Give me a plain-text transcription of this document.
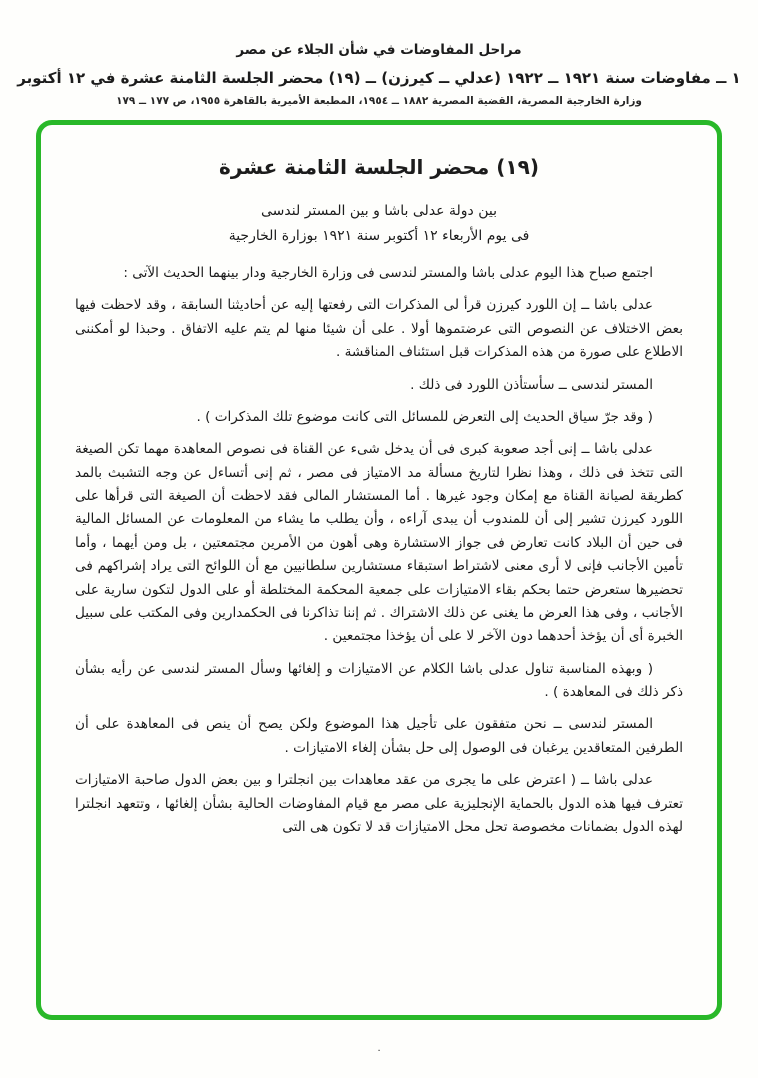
مراحل المفاوضات في شأن الجلاء عن مصر
١ ــ مفاوضات سنة ١٩٢١ ــ ١٩٢٢ (عدلي ــ كيرزن) ــ (١٩) محضر الجلسة الثامنة عشرة في ١٢ أكتوبر
وزارة الخارجية المصرية، القضية المصرية ١٨٨٢ ــ ١٩٥٤، المطبعة الأميرية بالقاهرة ١٩٥٥، ص ١٧٧ ــ ١٧٩
(١٩) محضر الجلسة الثامنة عشرة
بين دولة عدلى باشا و بين المستر لندسى
فى يوم الأربعاء ١٢ أكتوبر سنة ١٩٢١ بوزارة الخارجية

اجتمع صباح هذا اليوم عدلى باشا والمستر لندسى فى وزارة الخارجية ودار بينهما الحديث الآتى :

عدلى باشا ــ إن اللورد كيرزن قرأ لى المذكرات التى رفعتها إليه عن أحاديثنا السابقة ، وقد لاحظت فيها بعض الاختلاف عن النصوص التى عرضتموها أولا . على أن شيئا منها لم يتم عليه الاتفاق . وحبذا لو أمكننى الاطلاع على صورة من هذه المذكرات قبل استئناف المناقشة .

المستر لندسى ــ سأستأذن اللورد فى ذلك .

( وقد جرّ سياق الحديث إلى التعرض للمسائل التى كانت موضوع تلك المذكرات ) .

عدلى باشا ــ إنى أجد صعوبة كبرى فى أن يدخل شىء عن القناة فى نصوص المعاهدة مهما تكن الصيغة التى تتخذ فى ذلك ، وهذا نظرا لتاريخ مسألة مد الامتياز فى مصر ، ثم إنى أتساءل عن وجه التشبث بالمد كطريقة لصيانة القناة مع إمكان وجود غيرها . أما المستشار المالى فقد لاحظت أن الصيغة التى قرأها على اللورد كيرزن تشير إلى أن للمندوب أن يبدى آراءه ، وأن يطلب ما يشاء من المعلومات عن المسائل المالية فى حين أن البلاد كانت تعارض فى جواز الاستشارة وهى أهون من الأمرين مجتمعتين ، بل ومن أيهما ، وأما تأمين الأجانب فإنى لا أرى معنى لاشتراط استبقاء مستشارين سلطانيين مع أن اللوائح التى يراد إشراكهم فى تحضيرها ستعرض حتما بحكم بقاء الامتيازات على جمعية المحكمة المختلطة أو على الدول لتكون سارية على الأجانب ، وفى هذا العرض ما يغنى عن ذلك الاشتراك . ثم إننا تذاكرنا فى الحكمدارين وفى المكتب على سبيل الخبرة أى أن يؤخذ أحدهما دون الآخر لا على أن يؤخذا مجتمعين .

( وبهذه المناسبة تناول عدلى باشا الكلام عن الامتيازات و إلغائها وسأل المستر لندسى عن رأيه بشأن ذكر ذلك فى المعاهدة ) .

المستر لندسى ــ نحن متفقون على تأجيل هذا الموضوع ولكن يصح أن ينص فى المعاهدة على أن الطرفين المتعاقدين يرغبان فى الوصول إلى حل بشأن إلغاء الامتيازات .

عدلى باشا ــ ( اعترض على ما يجرى من عقد معاهدات بين انجلترا و بين بعض الدول صاحبة الامتيازات تعترف فيها هذه الدول بالحماية الإنجليزية على مصر مع قيام المفاوضات الحالية بشأن إلغائها ، وتتعهد انجلترا لهذه الدول بضمانات مخصوصة تحل محل الامتيازات قد لا تكون هى التى

٠
